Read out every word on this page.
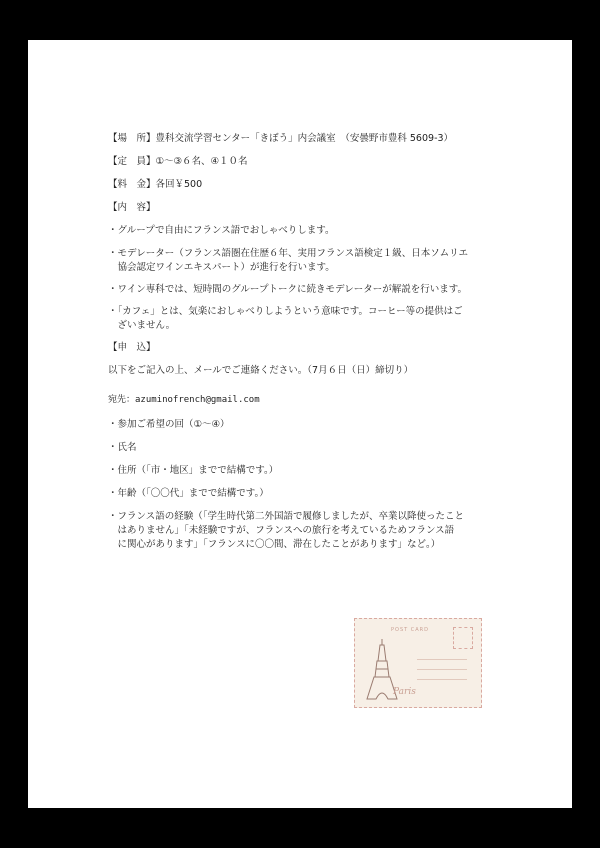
【場　所】豊科交流学習センター「きぼう」内会議室　（安曇野市豊科 5609-3）
【定　員】①〜③６名、④１０名
【料　金】各回￥500
【内　容】
・グループで自由にフランス語でおしゃべりします。
・モデレーター（フランス語圏在住歴６年、実用フランス語検定１級、日本ソムリエ
　協会認定ワインエキスパート）が進行を行います。
・ワイン専科では、短時間のグループトークに続きモデレーターが解説を行います。
・「カフェ」とは、気楽におしゃべりしようという意味です。コーヒー等の提供はご
　ざいません。
【申　込】
以下をご記入の上、メールでご連絡ください。（7月６日（日）締切り）
宛先：azuminofrench@gmail.com
・参加ご希望の回（①〜④）
・氏名
・住所（「市・地区」までで結構です。）
・年齢（「〇〇代」までで結構です。）
・フランス語の経験（「学生時代第二外国語で履修しましたが、卒業以降使ったこと
　はありません」「未経験ですが、フランスへの旅行を考えているためフランス語
　に関心があります」「フランスに〇〇間、滞在したことがあります」など。）
POST CARD
Paris
